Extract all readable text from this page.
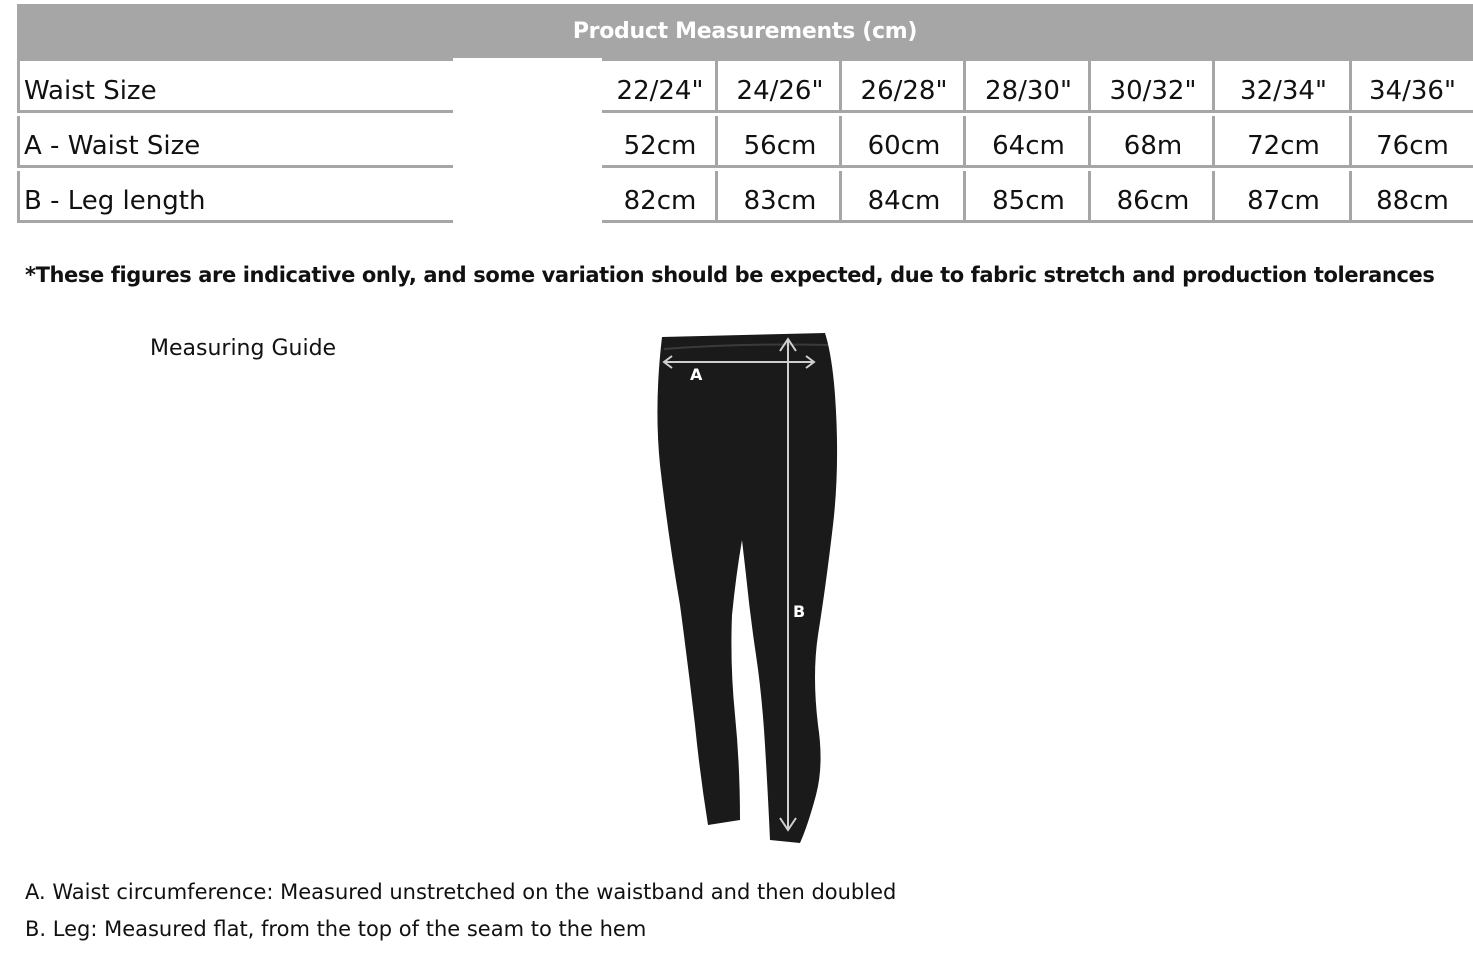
Product Measurements (cm)
Waist Size	22/24"	24/26"	26/28"	28/30"	30/32"	32/34"	34/36"
A - Waist Size	52cm	56cm	60cm	64cm	68m	72cm	76cm
B - Leg length	82cm	83cm	84cm	85cm	86cm	87cm	88cm
*These figures are indicative only, and some variation should be expected, due to fabric stretch and production tolerances
Measuring Guide
A
B
A. Waist circumference: Measured unstretched on the waistband and then doubled
B. Leg: Measured flat, from the top of the seam to the hem
